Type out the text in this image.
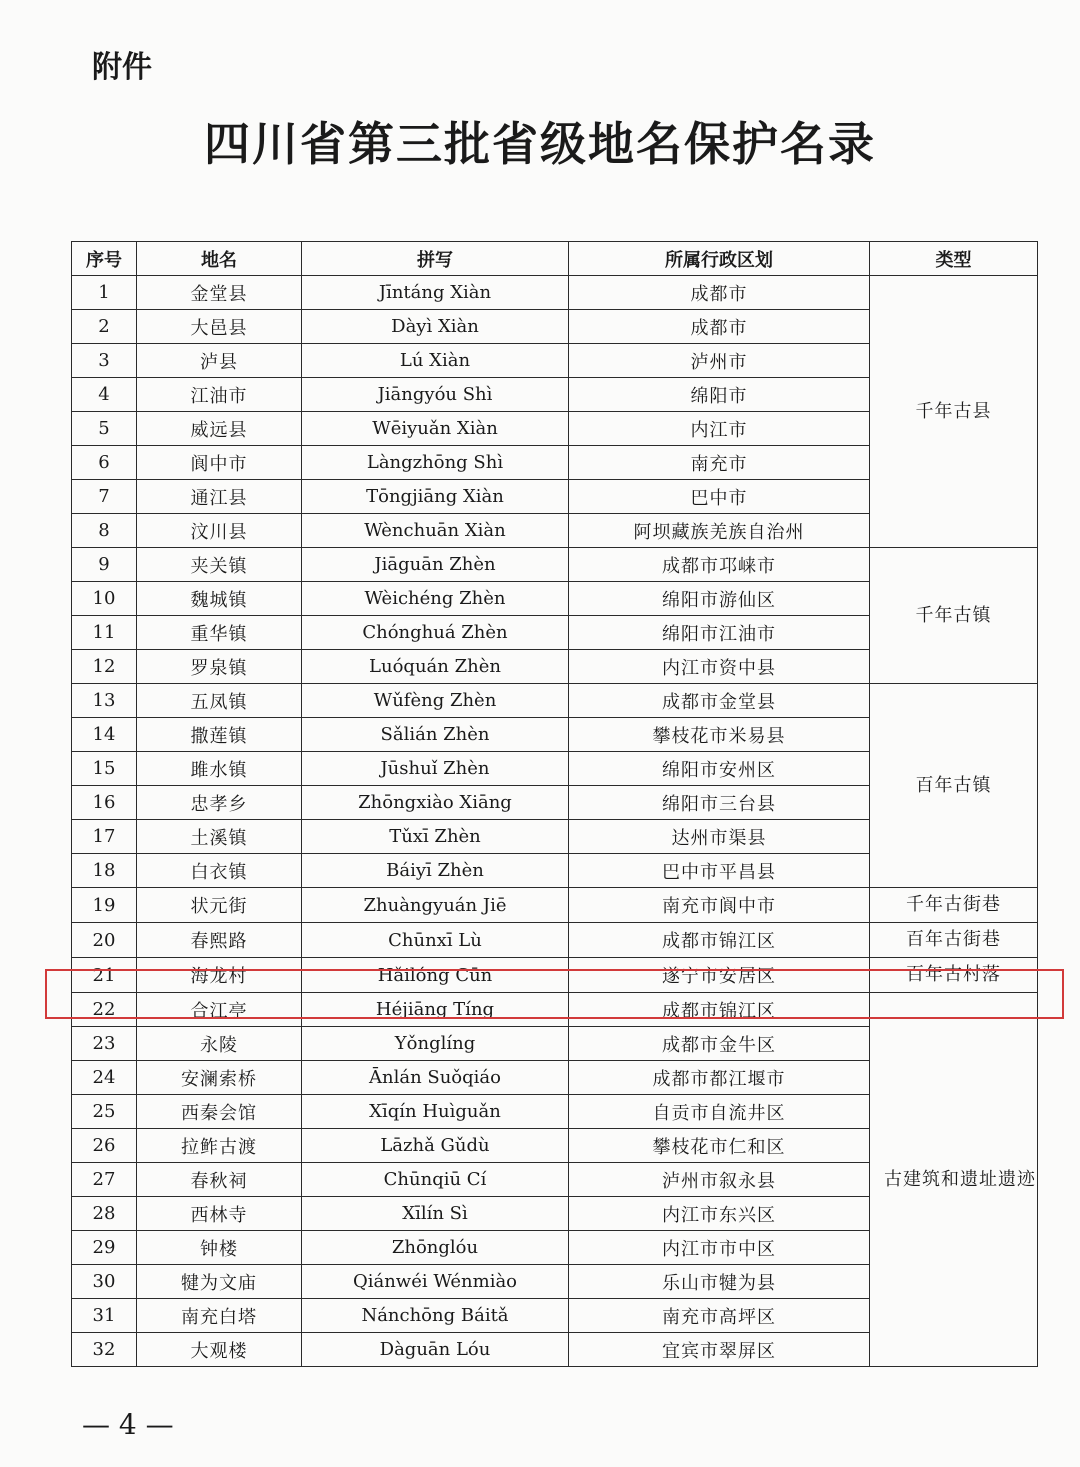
附件
四川省第三批省级地名保护名录
序号	地名	拼写	所属行政区划	类型
1	金堂县	Jīntáng Xiàn	成都市	千年古县
2	大邑县	Dàyì Xiàn	成都市	
3	泸县	Lú Xiàn	泸州市	
4	江油市	Jiāngyóu Shì	绵阳市	
5	威远县	Wēiyuǎn Xiàn	内江市	
6	阆中市	Làngzhōng Shì	南充市	
7	通江县	Tōngjiāng Xiàn	巴中市	
8	汶川县	Wènchuān Xiàn	阿坝藏族羌族自治州	
9	夹关镇	Jiāguān Zhèn	成都市邛崃市	千年古镇
10	魏城镇	Wèichéng Zhèn	绵阳市游仙区	
11	重华镇	Chónghuá Zhèn	绵阳市江油市	
12	罗泉镇	Luóquán Zhèn	内江市资中县	
13	五凤镇	Wǔfèng Zhèn	成都市金堂县	百年古镇
14	撒莲镇	Sǎlián Zhèn	攀枝花市米易县	
15	雎水镇	Jūshuǐ Zhèn	绵阳市安州区	
16	忠孝乡	Zhōngxiào Xiāng	绵阳市三台县	
17	土溪镇	Tǔxī Zhèn	达州市渠县	
18	白衣镇	Báiyī Zhèn	巴中市平昌县	
19	状元街	Zhuàngyuán Jiē	南充市阆中市	千年古街巷
20	春熙路	Chūnxī Lù	成都市锦江区	百年古街巷
21	海龙村	Hǎilóng Cūn	遂宁市安居区	百年古村落
22	合江亭	Héjiāng Tíng	成都市锦江区	古建筑和遗址遗迹
23	永陵	Yǒnglíng	成都市金牛区	
24	安澜索桥	Ānlán Suǒqiáo	成都市都江堰市	
25	西秦会馆	Xīqín Huìguǎn	自贡市自流井区	
26	拉鲊古渡	Lāzhǎ Gǔdù	攀枝花市仁和区	
27	春秋祠	Chūnqiū Cí	泸州市叙永县	
28	西林寺	Xīlín Sì	内江市东兴区	
29	钟楼	Zhōnglóu	内江市市中区	
30	犍为文庙	Qiánwéi Wénmiào	乐山市犍为县	
31	南充白塔	Nánchōng Báitǎ	南充市高坪区	
32	大观楼	Dàguān Lóu	宜宾市翠屏区	
— 4 —
